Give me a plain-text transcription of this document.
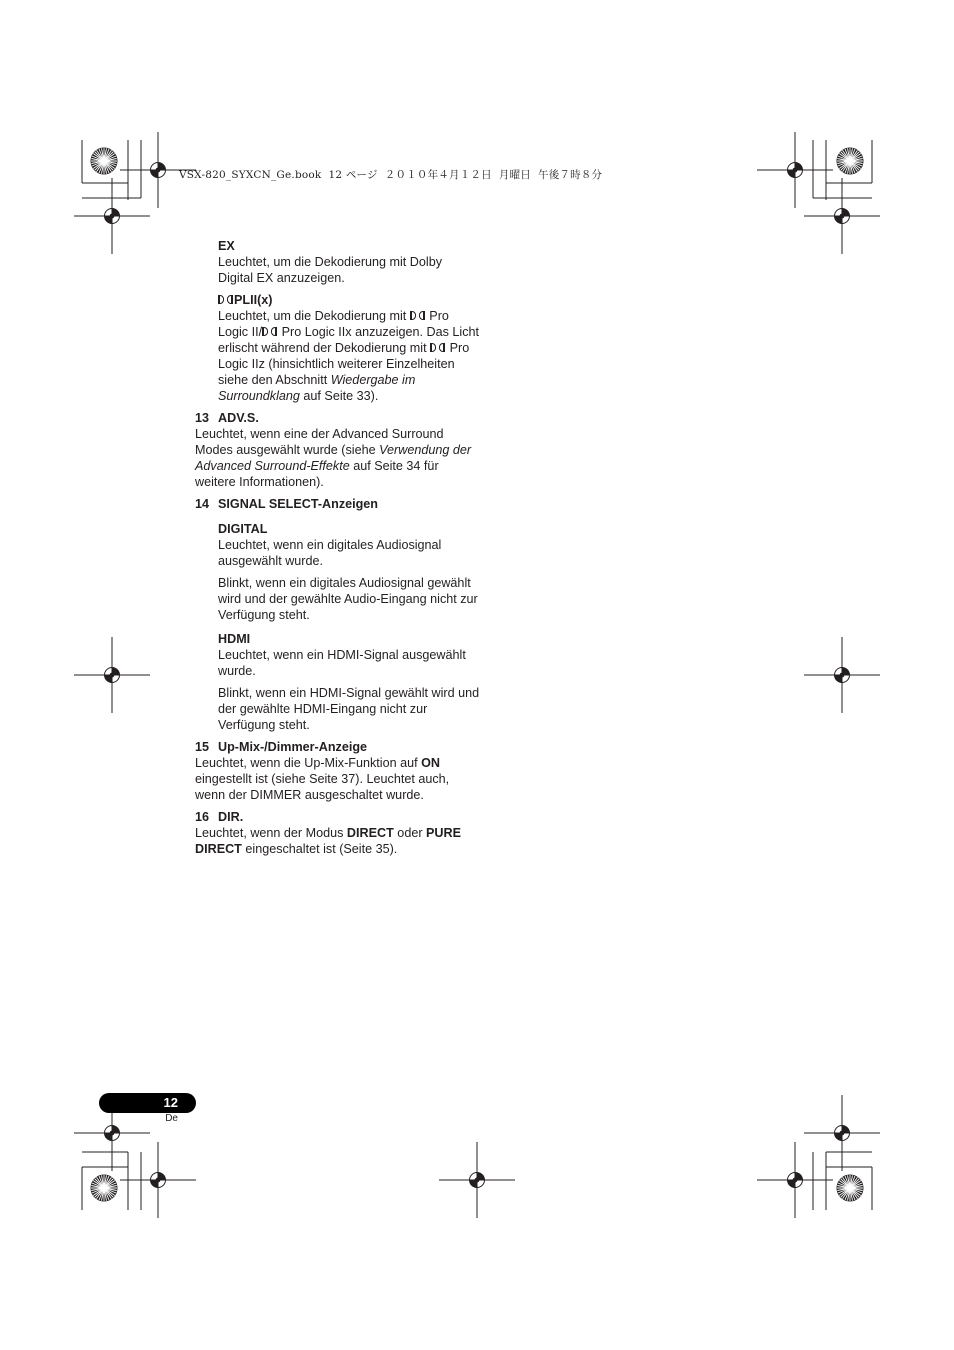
VSX-820_SYXCN_Ge.book  12 ページ  ２０１０年４月１２日  月曜日  午後７時８分
EX
Leuchtet, um die Dekodierung mit Dolby Digital EX anzuzeigen.
PLII(x)
Leuchtet, um die Dekodierung mit  Pro Logic II/ Pro Logic IIx anzuzeigen. Das Licht erlischt während der Dekodierung mit  Pro Logic IIz (hinsichtlich weiterer Einzelheiten siehe den Abschnitt Wiedergabe im Surroundklang auf Seite 33).
13 ADV.S.
Leuchtet, wenn eine der Advanced Surround Modes ausgewählt wurde (siehe Verwendung der Advanced Surround-Effekte auf Seite 34 für weitere Informationen).
14 SIGNAL SELECT-Anzeigen
DIGITAL
Leuchtet, wenn ein digitales Audiosignal ausgewählt wurde.
Blinkt, wenn ein digitales Audiosignal gewählt wird und der gewählte Audio-Eingang nicht zur Verfügung steht.
HDMI
Leuchtet, wenn ein HDMI-Signal ausgewählt wurde.
Blinkt, wenn ein HDMI-Signal gewählt wird und der gewählte HDMI-Eingang nicht zur Verfügung steht.
15 Up-Mix-/Dimmer-Anzeige
Leuchtet, wenn die Up-Mix-Funktion auf ON eingestellt ist (siehe Seite 37). Leuchtet auch, wenn der DIMMER ausgeschaltet wurde.
16 DIR.
Leuchtet, wenn der Modus DIRECT oder PURE DIRECT eingeschaltet ist (Seite 35).
12
De
